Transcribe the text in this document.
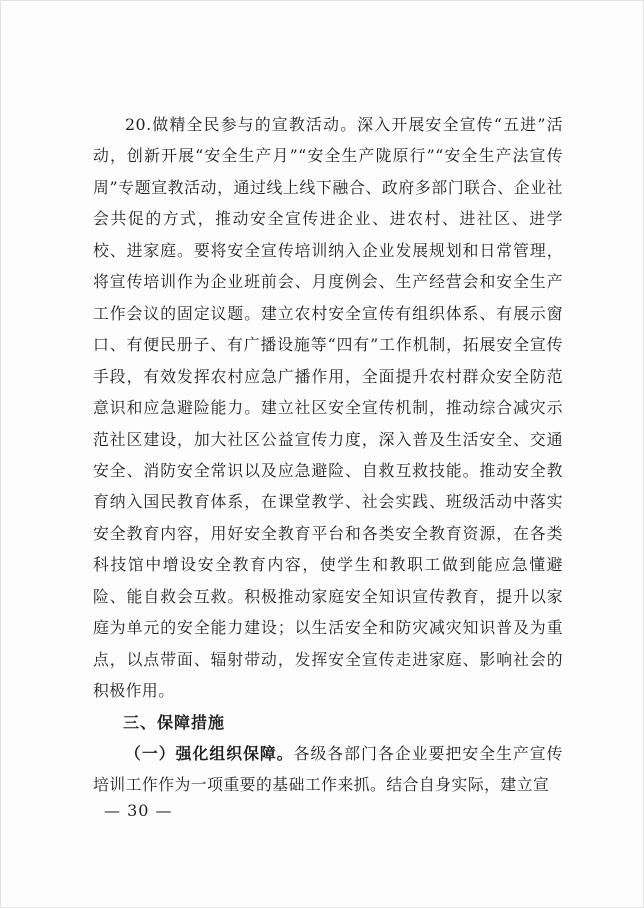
20.做精全民参与的宣教活动。深入开展安全宣传“五进”活动，创新开展“安全生产月”“安全生产陇原行”“安全生产法宣传周”专题宣教活动，通过线上线下融合、政府多部门联合、企业社会共促的方式，推动安全宣传进企业、进农村、进社区、进学校、进家庭。要将安全宣传培训纳入企业发展规划和日常管理，将宣传培训作为企业班前会、月度例会、生产经营会和安全生产工作会议的固定议题。建立农村安全宣传有组织体系、有展示窗口、有便民册子、有广播设施等“四有”工作机制，拓展安全宣传手段，有效发挥农村应急广播作用，全面提升农村群众安全防范意识和应急避险能力。建立社区安全宣传机制，推动综合减灾示范社区建设，加大社区公益宣传力度，深入普及生活安全、交通安全、消防安全常识以及应急避险、自救互救技能。推动安全教育纳入国民教育体系，在课堂教学、社会实践、班级活动中落实安全教育内容，用好安全教育平台和各类安全教育资源，在各类科技馆中增设安全教育内容，使学生和教职工做到能应急懂避险、能自救会互救。积极推动家庭安全知识宣传教育，提升以家庭为单元的安全能力建设；以生活安全和防灾减灾知识普及为重点，以点带面、辐射带动，发挥安全宣传走进家庭、影响社会的积极作用。

三、保障措施

（一）强化组织保障。各级各部门各企业要把安全生产宣传培训工作作为一项重要的基础工作来抓。结合自身实际，建立宣

— 30 —
